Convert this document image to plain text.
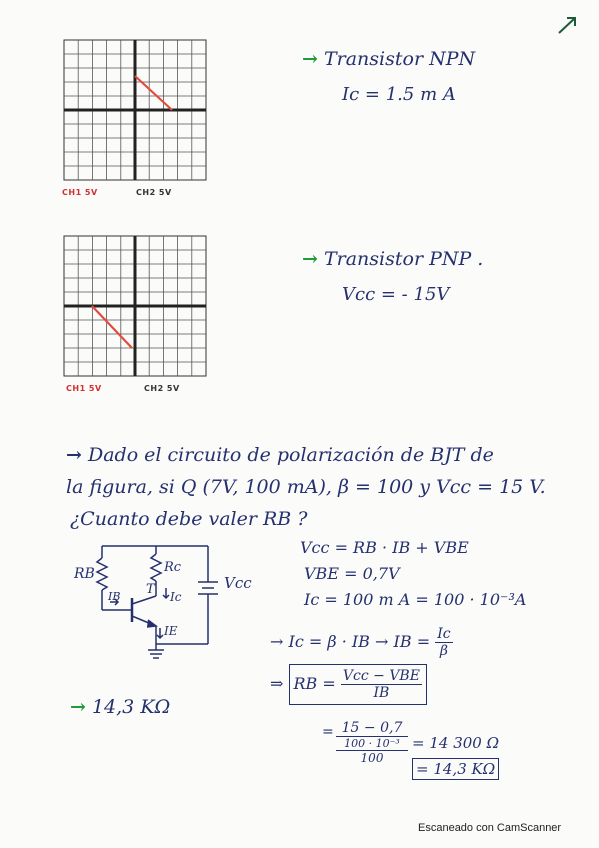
CH1 5V	CH2 5V
→ Transistor NPN
Ic = 1.5 m A
CH1 5V	CH2 5V
→ Transistor PNP .
Vcc = - 15V
→ Dado el circuito de polarización de BJT de
la figura, si Q (7V, 100 mA), β = 100 y Vcc = 15 V.
¿Cuanto debe valer RB ?
RB	Rc
Vcc
IB T Ic
IE
Vcc = RB · IB + VBE
VBE = 0,7V
Ic = 100 m A = 100 · 10⁻³A
→ Ic = β · IB → IB = $\frac{Ic}{\beta}$
⇒ RB = $\frac{\text{Vcc − VBE}}{IB}$
= 15 − 0,7
100 · 10⁻³
100
= 14 300 Ω
= 14,3 KΩ
→ 14,3 KΩ
Escaneado con CamScanner
